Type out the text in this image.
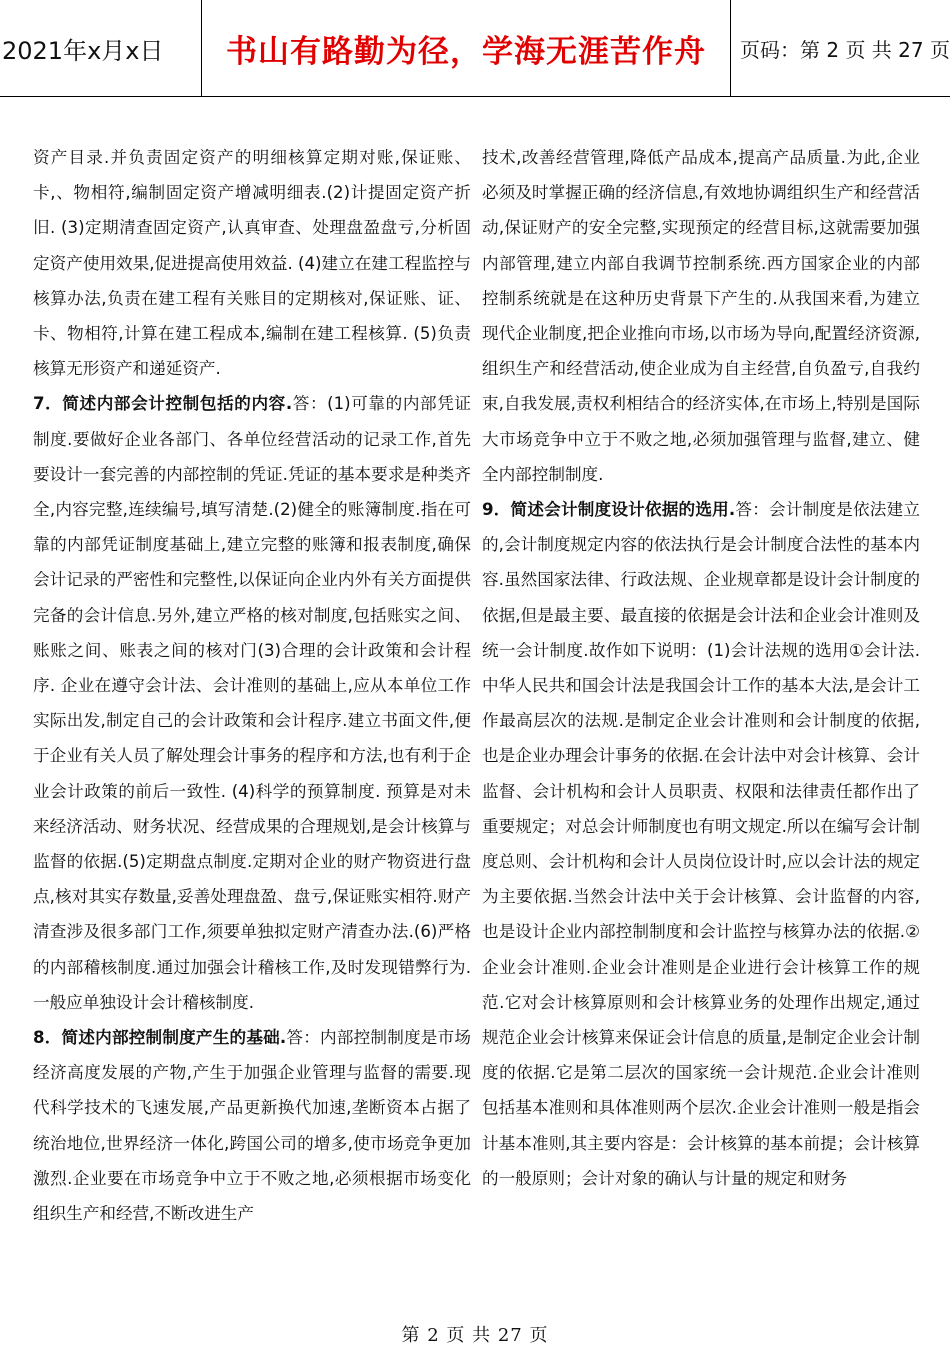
2021年x月x日	书山有路勤为径，学海无涯苦作舟	页码：第 2 页 共 27 页

资产目录.并负责固定资产的明细核算定期对账,保证账、卡,、物相符,编制固定资产增减明细表.(2)计提固定资产折旧. (3)定期清查固定资产,认真审查、处理盘盈盘亏,分析固定资产使用效果,促进提高使用效益. (4)建立在建工程监控与核算办法,负责在建工程有关账目的定期核对,保证账、证、卡、物相符,计算在建工程成本,编制在建工程核算. (5)负责核算无形资产和递延资产.

7．简述内部会计控制包括的内容.答：(1)可靠的内部凭证制度.要做好企业各部门、各单位经营活动的记录工作,首先要设计一套完善的内部控制的凭证.凭证的基本要求是种类齐全,内容完整,连续编号,填写清楚.(2)健全的账簿制度.指在可靠的内部凭证制度基础上,建立完整的账簿和报表制度,确保会计记录的严密性和完整性,以保证向企业内外有关方面提供完备的会计信息.另外,建立严格的核对制度,包括账实之间、账账之间、账表之间的核对门(3)合理的会计政策和会计程序. 企业在遵守会计法、会计准则的基础上,应从本单位工作实际出发,制定自己的会计政策和会计程序.建立书面文件,便于企业有关人员了解处理会计事务的程序和方法,也有利于企业会计政策的前后一致性. (4)科学的预算制度. 预算是对未来经济活动、财务状况、经营成果的合理规划,是会计核算与监督的依据.(5)定期盘点制度.定期对企业的财产物资进行盘点,核对其实存数量,妥善处理盘盈、盘亏,保证账实相符.财产清查涉及很多部门工作,须要单独拟定财产清查办法.(6)严格的内部稽核制度.通过加强会计稽核工作,及时发现错弊行为.一般应单独设计会计稽核制度.

8．简述内部控制制度产生的基础.答：内部控制制度是市场经济高度发展的产物,产生于加强企业管理与监督的需要.现代科学技术的飞速发展,产品更新换代加速,垄断资本占据了统治地位,世界经济一体化,跨国公司的增多,使市场竞争更加激烈.企业要在市场竞争中立于不败之地,必须根据市场变化组织生产和经营,不断改进生产

技术,改善经营管理,降低产品成本,提高产品质量.为此,企业必须及时掌握正确的经济信息,有效地协调组织生产和经营活动,保证财产的安全完整,实现预定的经营目标,这就需要加强内部管理,建立内部自我调节控制系统.西方国家企业的内部控制系统就是在这种历史背景下产生的.从我国来看,为建立现代企业制度,把企业推向市场,以市场为导向,配置经济资源,组织生产和经营活动,使企业成为自主经营,自负盈亏,自我约束,自我发展,责权利相结合的经济实体,在市场上,特别是国际大市场竞争中立于不败之地,必须加强管理与监督,建立、健全内部控制制度.

9．简述会计制度设计依据的选用.答：会计制度是依法建立的,会计制度规定内容的依法执行是会计制度合法性的基本内容.虽然国家法律、行政法规、企业规章都是设计会计制度的依据,但是最主要、最直接的依据是会计法和企业会计准则及统一会计制度.故作如下说明：(1)会计法规的选用①会计法.中华人民共和国会计法是我国会计工作的基本大法,是会计工作最高层次的法规.是制定企业会计准则和会计制度的依据,也是企业办理会计事务的依据.在会计法中对会计核算、会计监督、会计机构和会计人员职责、权限和法律责任都作出了重要规定；对总会计师制度也有明文规定.所以在编写会计制度总则、会计机构和会计人员岗位设计时,应以会计法的规定为主要依据.当然会计法中关于会计核算、会计监督的内容,也是设计企业内部控制制度和会计监控与核算办法的依据.② 企业会计准则.企业会计准则是企业进行会计核算工作的规范.它对会计核算原则和会计核算业务的处理作出规定,通过规范企业会计核算来保证会计信息的质量,是制定企业会计制度的依据.它是第二层次的国家统一会计规范.企业会计准则包括基本准则和具体准则两个层次.企业会计准则一般是指会计基本准则,其主要内容是：会计核算的基本前提；会计核算的一般原则；会计对象的确认与计量的规定和财务

第 2 页 共 27 页
